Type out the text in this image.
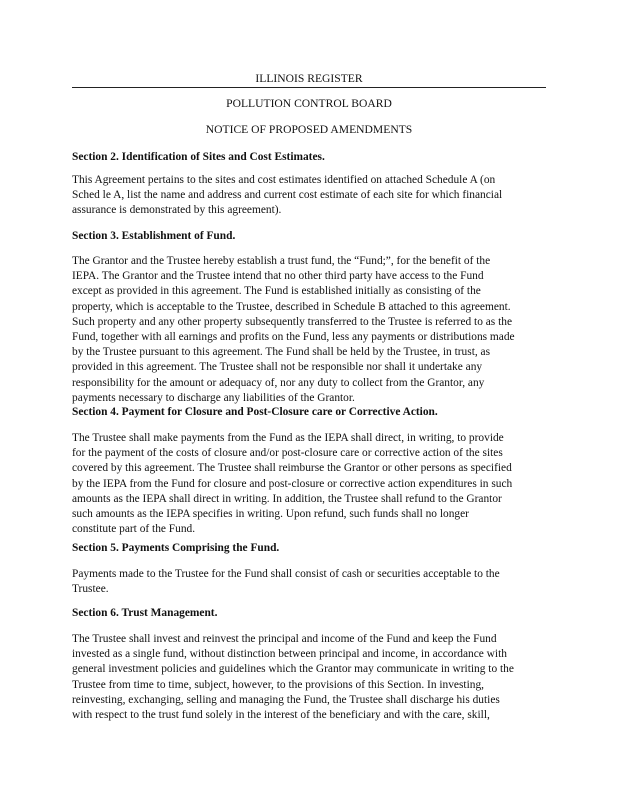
ILLINOIS REGISTER
POLLUTION CONTROL BOARD
NOTICE OF PROPOSED AMENDMENTS
Section 2. Identification of Sites and Cost Estimates.
This Agreement pertains to the sites and cost estimates identified on attached Schedule A (on
Sched le A, list the name and address and current cost estimate of each site for which financial
assurance is demonstrated by this agreement).
Section 3. Establishment of Fund.
The Grantor and the Trustee hereby establish a trust fund, the “Fund;”, for the benefit of the
IEPA. The Grantor and the Trustee intend that no other third party have access to the Fund
except as provided in this agreement. The Fund is established initially as consisting of the
property, which is acceptable to the Trustee, described in Schedule B attached to this agreement.
Such property and any other property subsequently transferred to the Trustee is referred to as the
Fund, together with all earnings and profits on the Fund, less any payments or distributions made
by the Trustee pursuant to this agreement. The Fund shall be held by the Trustee, in trust, as
provided in this agreement. The Trustee shall not be responsible nor shall it undertake any
responsibility for the amount or adequacy of, nor any duty to collect from the Grantor, any
payments necessary to discharge any liabilities of the Grantor.
Section 4. Payment for Closure and Post-Closure care or Corrective Action.
The Trustee shall make payments from the Fund as the IEPA shall direct, in writing, to provide
for the payment of the costs of closure and/or post-closure care or corrective action of the sites
covered by this agreement. The Trustee shall reimburse the Grantor or other persons as specified
by the IEPA from the Fund for closure and post-closure or corrective action expenditures in such
amounts as the IEPA shall direct in writing. In addition, the Trustee shall refund to the Grantor
such amounts as the IEPA specifies in writing. Upon refund, such funds shall no longer
constitute part of the Fund.
Section 5. Payments Comprising the Fund.
Payments made to the Trustee for the Fund shall consist of cash or securities acceptable to the
Trustee.
Section 6. Trust Management.
The Trustee shall invest and reinvest the principal and income of the Fund and keep the Fund
invested as a single fund, without distinction between principal and income, in accordance with
general investment policies and guidelines which the Grantor may communicate in writing to the
Trustee from time to time, subject, however, to the provisions of this Section. In investing,
reinvesting, exchanging, selling and managing the Fund, the Trustee shall discharge his duties
with respect to the trust fund solely in the interest of the beneficiary and with the care, skill,
